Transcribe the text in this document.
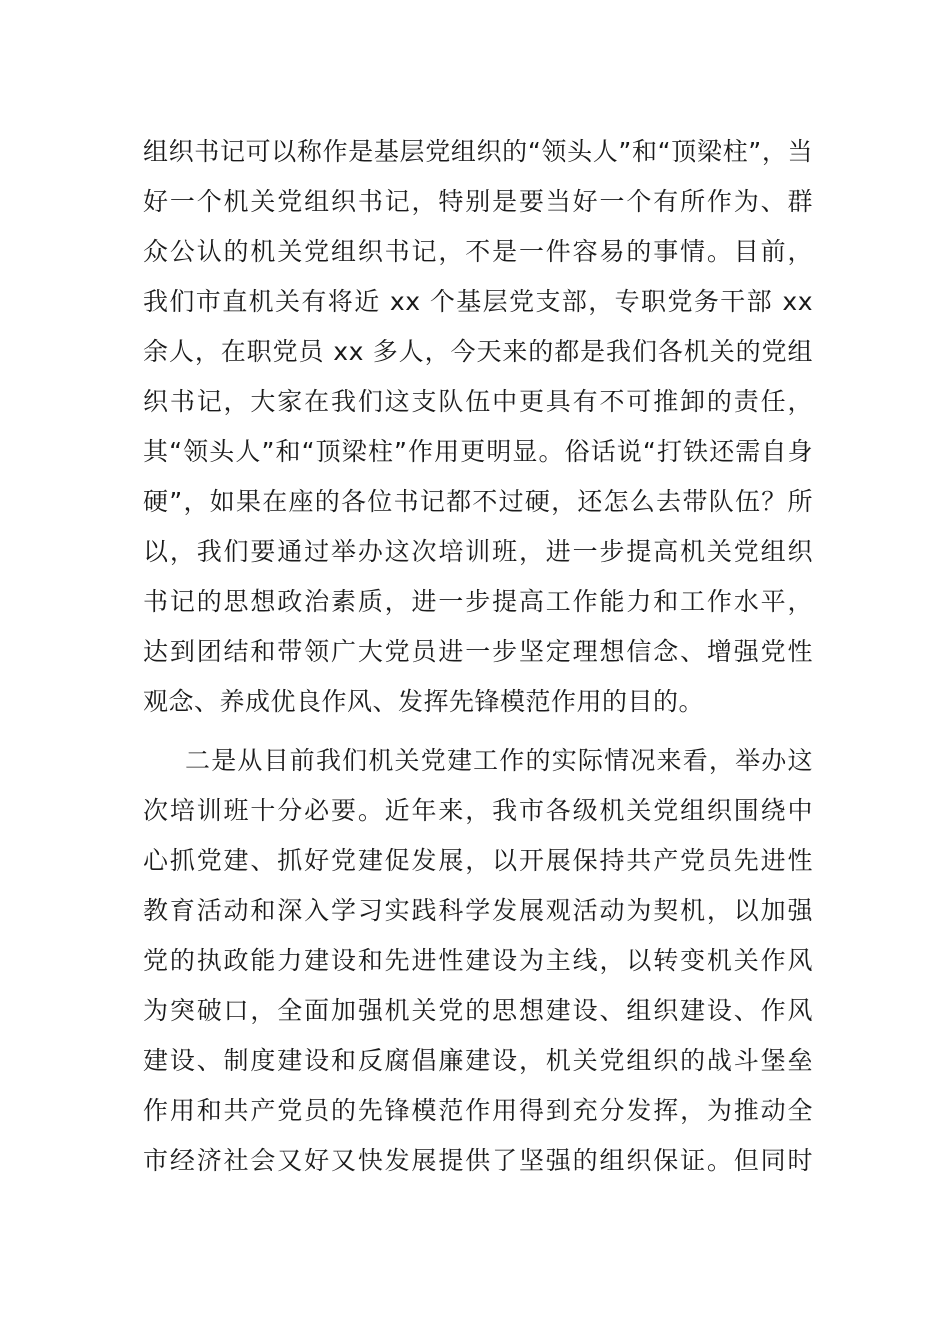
组织书记可以称作是基层党组织的“领头人”和“顶梁柱”，当
好一个机关党组织书记，特别是要当好一个有所作为、群
众公认的机关党组织书记，不是一件容易的事情。目前，
我们市直机关有将近 xx 个基层党支部，专职党务干部 xx
余人，在职党员 xx 多人，今天来的都是我们各机关的党组
织书记，大家在我们这支队伍中更具有不可推卸的责任，
其“领头人”和“顶梁柱”作用更明显。俗话说“打铁还需自身
硬”，如果在座的各位书记都不过硬，还怎么去带队伍？所
以，我们要通过举办这次培训班，进一步提高机关党组织
书记的思想政治素质，进一步提高工作能力和工作水平，
达到团结和带领广大党员进一步坚定理想信念、增强党性
观念、养成优良作风、发挥先锋模范作用的目的。
二是从目前我们机关党建工作的实际情况来看，举办这
次培训班十分必要。近年来，我市各级机关党组织围绕中
心抓党建、抓好党建促发展，以开展保持共产党员先进性
教育活动和深入学习实践科学发展观活动为契机，以加强
党的执政能力建设和先进性建设为主线，以转变机关作风
为突破口，全面加强机关党的思想建设、组织建设、作风
建设、制度建设和反腐倡廉建设，机关党组织的战斗堡垒
作用和共产党员的先锋模范作用得到充分发挥，为推动全
市经济社会又好又快发展提供了坚强的组织保证。但同时
